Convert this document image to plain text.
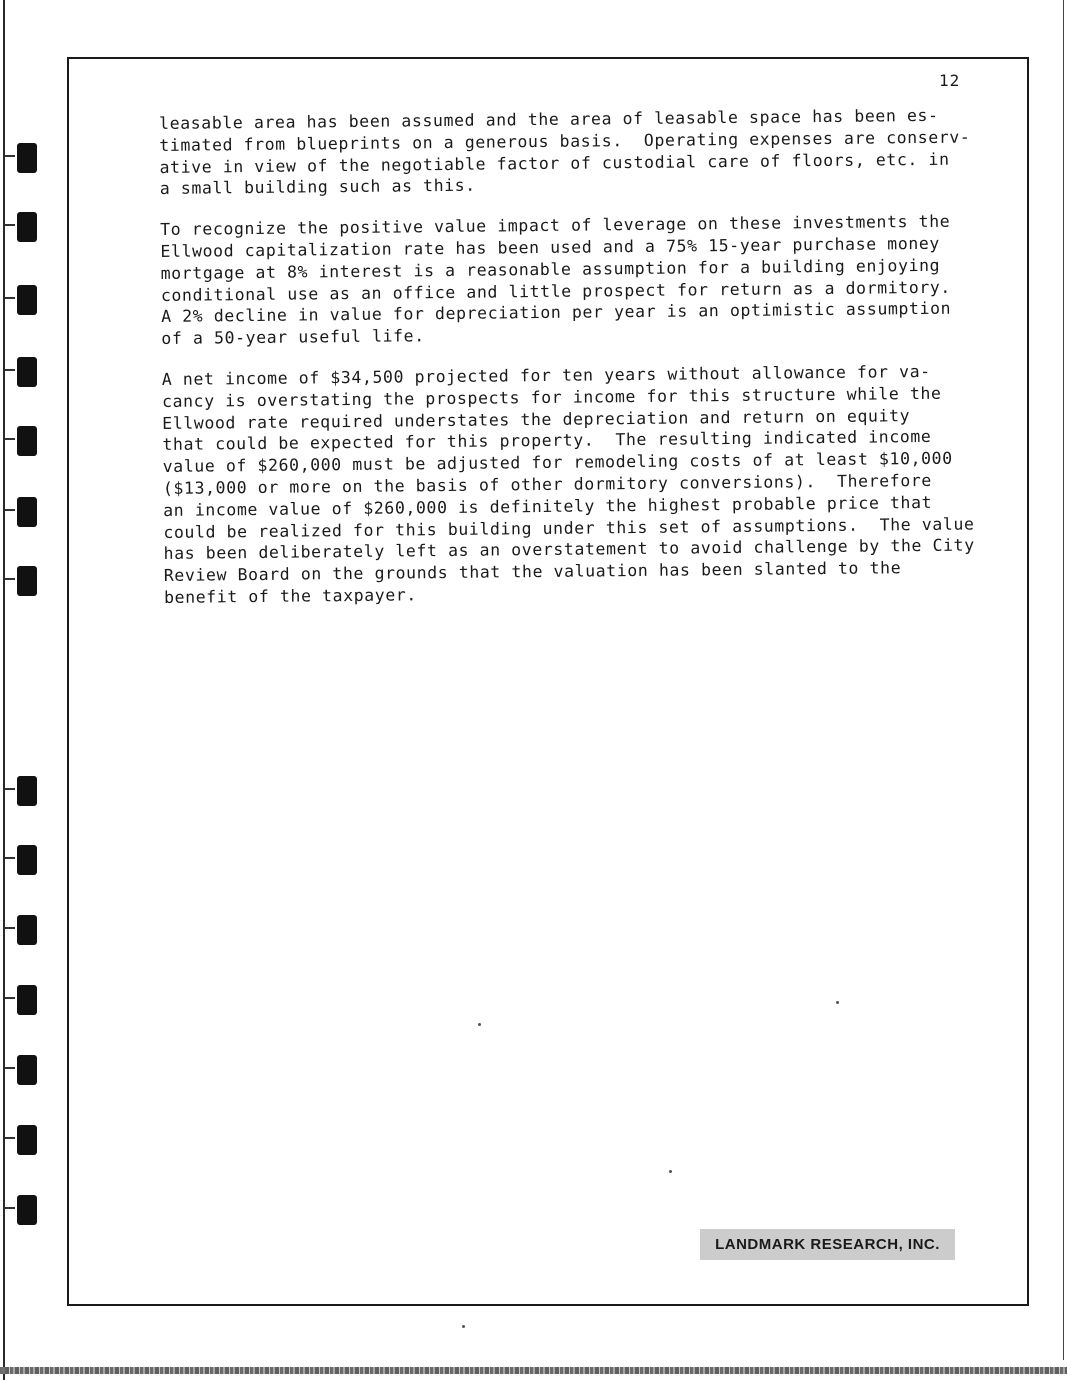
12

leasable area has been assumed and the area of leasable space has been es-
timated from blueprints on a generous basis.  Operating expenses are conserv-
ative in view of the negotiable factor of custodial care of floors, etc. in
a small building such as this.

To recognize the positive value impact of leverage on these investments the
Ellwood capitalization rate has been used and a 75% 15-year purchase money
mortgage at 8% interest is a reasonable assumption for a building enjoying
conditional use as an office and little prospect for return as a dormitory.
A 2% decline in value for depreciation per year is an optimistic assumption
of a 50-year useful life.

A net income of $34,500 projected for ten years without allowance for va-
cancy is overstating the prospects for income for this structure while the
Ellwood rate required understates the depreciation and return on equity
that could be expected for this property.  The resulting indicated income
value of $260,000 must be adjusted for remodeling costs of at least $10,000
($13,000 or more on the basis of other dormitory conversions).  Therefore
an income value of $260,000 is definitely the highest probable price that
could be realized for this building under this set of assumptions.  The value
has been deliberately left as an overstatement to avoid challenge by the City
Review Board on the grounds that the valuation has been slanted to the
benefit of the taxpayer.

LANDMARK RESEARCH, INC.
